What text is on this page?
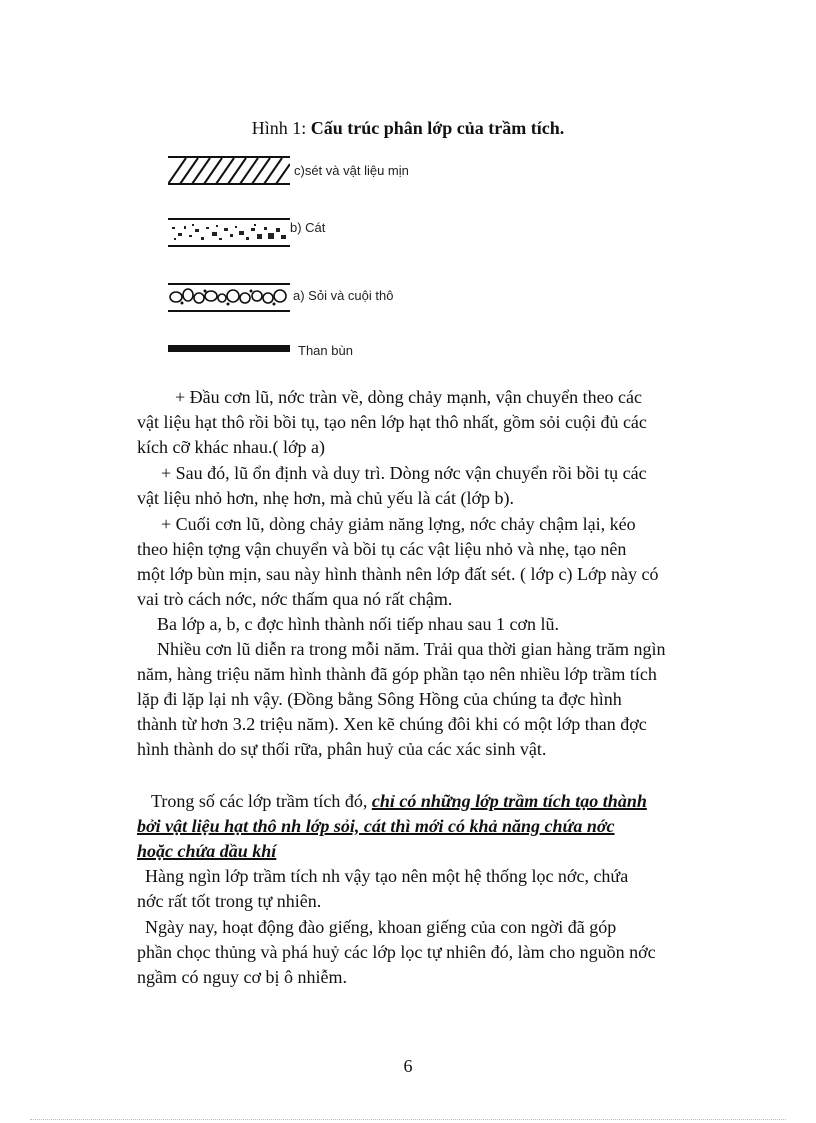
Hình 1: Cấu trúc phân lớp của trầm tích.
c)sét và vật liệu mịn
b) Cát
a) Sỏi và cuội thô
Than bùn

+ Đầu cơn lũ, nớc tràn về, dòng chảy mạnh, vận chuyển theo các

vật liệu hạt thô rồi bồi tụ, tạo nên lớp hạt thô nhất, gồm sỏi cuội đủ các

kích cỡ khác nhau.( lớp a)

+ Sau đó, lũ ổn định và duy trì. Dòng nớc vận chuyển rồi bồi tụ các

vật liệu nhỏ hơn, nhẹ hơn, mà chủ yếu là cát (lớp b).

+ Cuối cơn lũ, dòng chảy giảm năng lợng, nớc chảy chậm lại, kéo

theo hiện tợng vận chuyển và bồi tụ các vật liệu nhỏ và nhẹ, tạo nên

một lớp bùn mịn, sau này hình thành nên lớp đất sét. ( lớp c) Lớp này có

vai trò cách nớc, nớc thấm qua nó rất chậm.

Ba lớp a, b, c đợc hình thành nối tiếp nhau sau 1 cơn lũ.

Nhiều cơn lũ diễn ra trong mỗi năm. Trải qua thời gian hàng trăm ngìn

năm, hàng triệu năm hình thành đã góp phần tạo nên nhiều lớp trầm tích

lặp đi lặp lại nh vậy. (Đồng bằng Sông Hồng của chúng ta đợc hình

thành từ hơn 3.2 triệu năm). Xen kẽ chúng đôi khi có một lớp than đợc

hình thành do sự thối rữa, phân huỷ của các xác sinh vật.

Trong số các lớp trầm tích đó, chỉ có những lớp trầm tích tạo thành

bởi vật liệu hạt thô nh lớp sỏi, cát thì mới có khả năng chứa nớc

hoặc chứa dầu khí

Hàng ngìn lớp trầm tích nh vậy tạo nên một hệ thống lọc nớc, chứa

nớc rất tốt trong tự nhiên.

Ngày nay, hoạt động đào giếng, khoan giếng của con ngời đã góp

phần chọc thủng và phá huỷ các lớp lọc tự nhiên đó, làm cho nguồn nớc

ngầm có nguy cơ bị ô nhiễm.

6
